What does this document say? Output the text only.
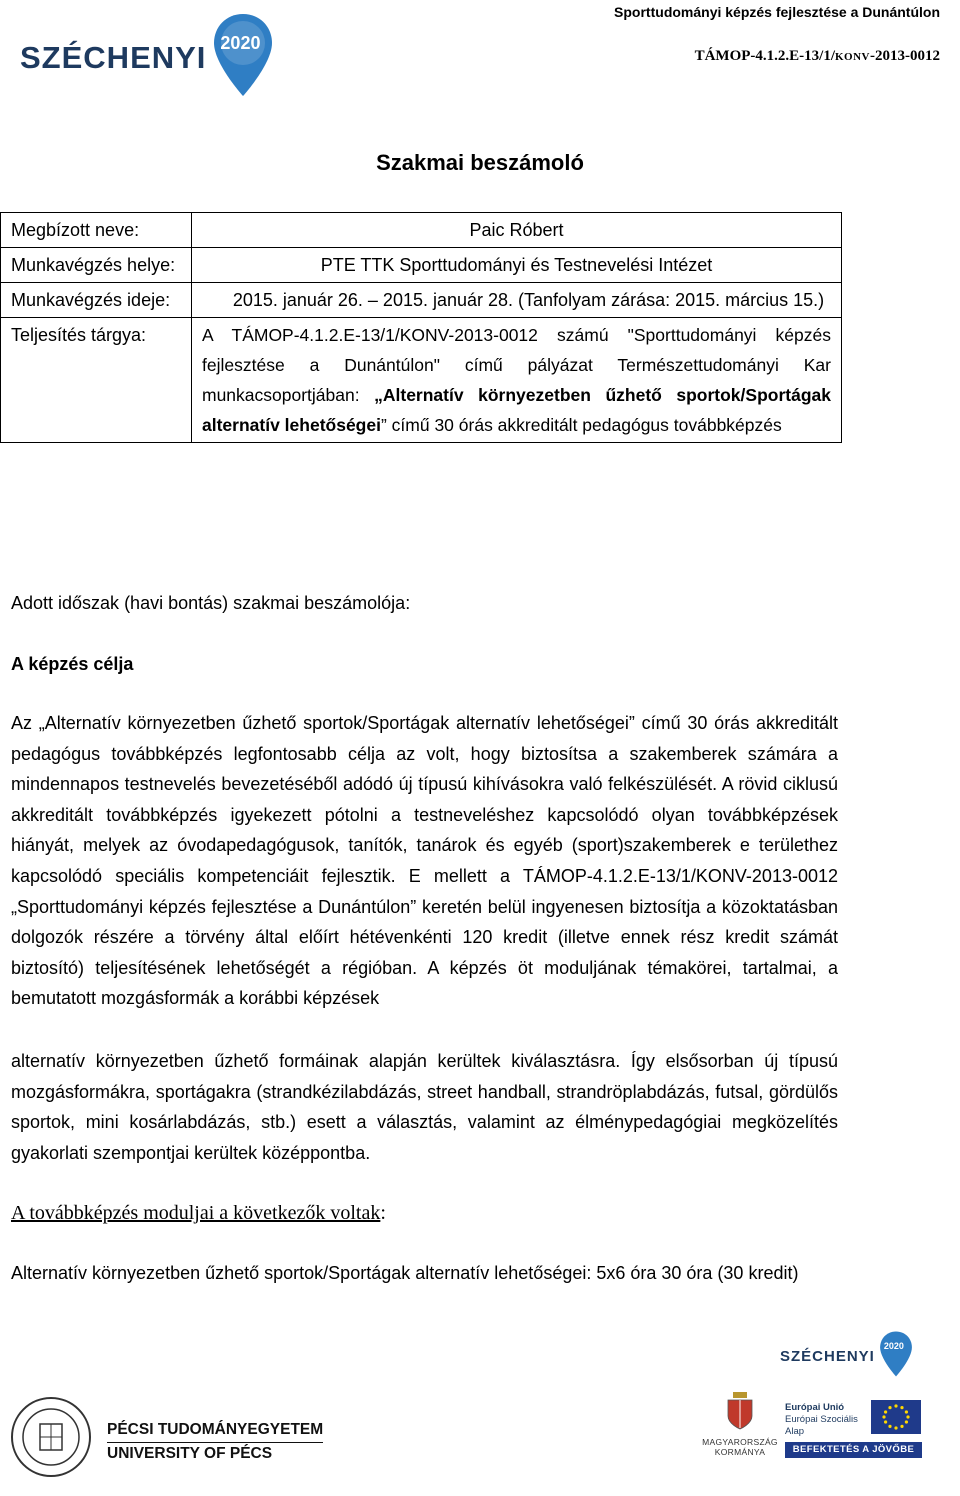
SZÉCHENYI 2020
Sporttudományi képzés fejlesztése a Dunántúlon
TÁMOP-4.1.2.E-13/1/KONV-2013-0012
Szakmai beszámoló
Megbízott neve:	Paic Róbert
Munkavégzés helye:	PTE TTK Sporttudományi és Testnevelési Intézet
Munkavégzés ideje:	2015. január 26. – 2015. január 28. (Tanfolyam zárása: 2015. március 15.)
Teljesítés tárgya:	A TÁMOP-4.1.2.E-13/1/KONV-2013-0012 számú "Sporttudományi képzés fejlesztése a Dunántúlon" című pályázat Természettudományi Kar munkacsoportjában: „Alternatív környezetben űzhető sportok/Sportágak alternatív lehetőségei” című 30 órás akkreditált pedagógus továbbképzés
Adott időszak (havi bontás) szakmai beszámolója:
A képzés célja
Az „Alternatív környezetben űzhető sportok/Sportágak alternatív lehetőségei” című 30 órás akkreditált pedagógus továbbképzés legfontosabb célja az volt, hogy biztosítsa a szakemberek számára a mindennapos testnevelés bevezetéséből adódó új típusú kihívásokra való felkészülését. A rövid ciklusú akkreditált továbbképzés igyekezett pótolni a testneveléshez kapcsolódó olyan továbbképzések hiányát, melyek az óvodapedagógusok, tanítók, tanárok és egyéb (sport)szakemberek e területhez kapcsolódó speciális kompetenciáit fejlesztik. E mellett a TÁMOP-4.1.2.E-13/1/KONV-2013-0012 „Sporttudományi képzés fejlesztése a Dunántúlon” keretén belül ingyenesen biztosítja a közoktatásban dolgozók részére a törvény által előírt hétévenkénti 120 kredit (illetve ennek rész kredit számát biztosító) teljesítésének lehetőségét a régióban. A képzés öt moduljának témakörei, tartalmai, a bemutatott mozgásformák a korábbi képzések
alternatív környezetben űzhető formáinak alapján kerültek kiválasztásra. Így elsősorban új típusú mozgásformákra, sportágakra (strandkézilabdázás, street handball, strandröplabdázás, futsal, gördülős sportok, mini kosárlabdázás, stb.) esett a választás, valamint az élménypedagógiai megközelítés gyakorlati szempontjai kerültek középpontba.
A továbbképzés moduljai a következők voltak:
Alternatív környezetben űzhető sportok/Sportágak alternatív lehetőségei: 5x6 óra 30 óra (30 kredit)
SZÉCHENYI
2020
PÉCSI TUDOMÁNYEGYETEM
UNIVERSITY OF PÉCS
MAGYARORSZÁG
KORMÁNYA
Európai Unió
Európai Szociális
Alap
BEFEKTETÉS A JÖVŐBE
